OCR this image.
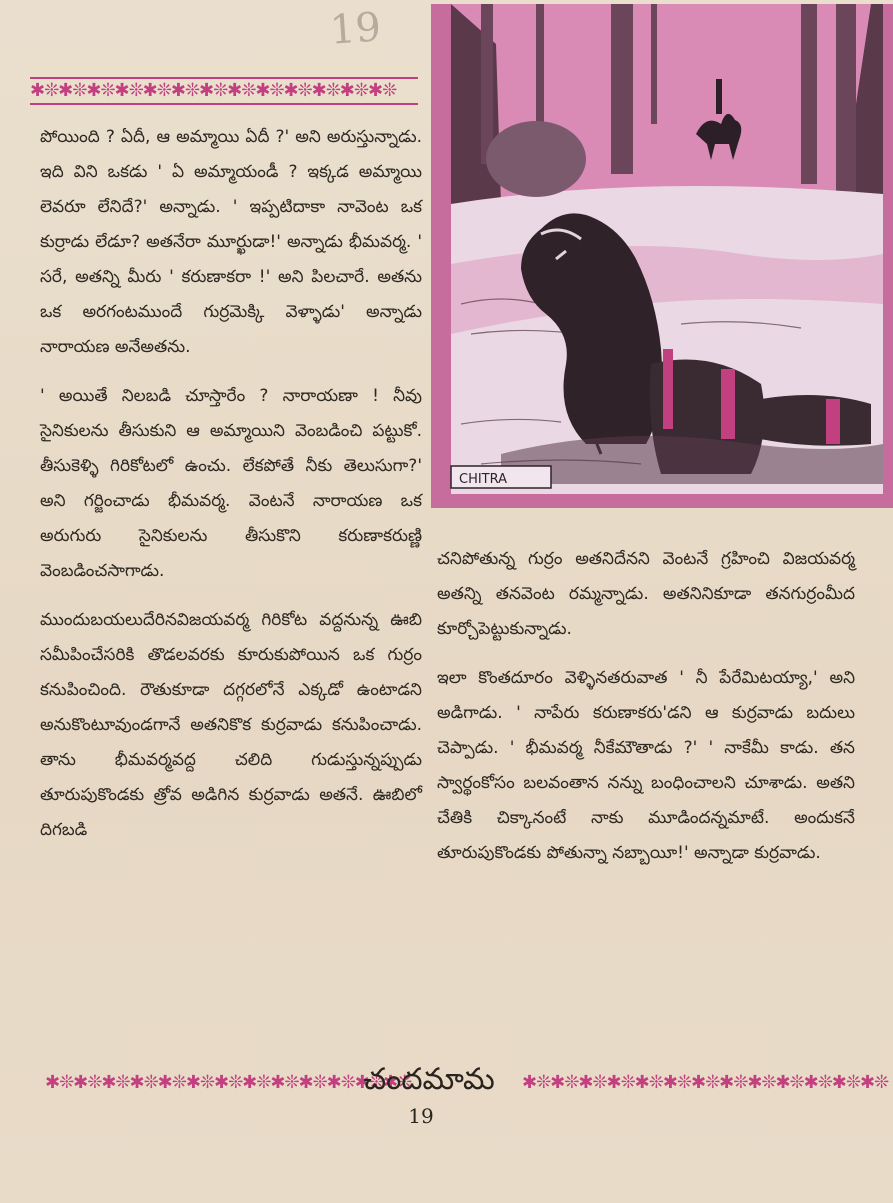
19
✱❊✱❊✱❊✱❊✱❊✱❊✱❊✱❊✱❊✱❊✱❊✱❊✱❊

పోయింది ? ఏదీ, ఆ అమ్మాయి ఏదీ ?' అని అరుస్తున్నాడు. ఇది విని ఒకడు ' ఏ అమ్మాయండీ ? ఇక్కడ అమ్మాయి లెవరూ లేనిదే?' అన్నాడు. ' ఇప్పటిదాకా నావెంట ఒక కుర్రాడు లేడూ? అతనేరా మూర్ఖుడా!' అన్నాడు భీమవర్మ. ' సరే, అతన్ని మీరు ' కరుణాకరా !' అని పిలచారే. అతను ఒక అరగంటముందే గుర్రమెక్కి వెళ్ళాడు' అన్నాడు నారాయణ అనేఅతను.

' అయితే నిలబడి చూస్తారేం ? నారాయణా ! నీవు సైనికులను తీసుకుని ఆ అమ్మాయిని వెంబడించి పట్టుకో. తీసుకెళ్ళి గిరికోటలో ఉంచు. లేకపోతే నీకు తెలుసుగా?' అని గర్జించాడు భీమవర్మ. వెంటనే నారాయణ ఒక అరుగురు సైనికులను తీసుకొని కరుణాకరుణ్ణి వెంబడించసాగాడు.

ముందుబయలుదేరినవిజయవర్మ గిరికోట వద్దనున్న ఊబి సమీపించేసరికి తొడలవరకు కూరుకుపోయిన ఒక గుర్రం కనుపించింది. రౌతుకూడా దగ్గరలోనే ఎక్కడో ఉంటాడని అనుకొంటూవుండగానే అతనికొక కుర్రవాడు కనుపించాడు. తాను భీమవర్మవద్ద చలిది గుడుస్తున్నప్పుడు తూరుపుకొండకు త్రోవ అడిగిన కుర్రవాడు అతనే. ఊబిలో దిగబడి

CHITRA

చనిపోతున్న గుర్రం అతనిదేనని వెంటనే గ్రహించి విజయవర్మ అతన్ని తనవెంట రమ్మన్నాడు. అతనినికూడా తనగుర్రంమీద కూర్చోపెట్టుకున్నాడు.

ఇలా కొంతదూరం వెళ్ళినతరువాత ' నీ పేరేమిటయ్యా,' అని అడిగాడు. ' నాపేరు కరుణాకరు'డని ఆ కుర్రవాడు బదులు చెప్పాడు. ' భీమవర్మ నీకేమౌతాడు ?' ' నాకేమీ కాడు. తన స్వార్థంకోసం బలవంతాన నన్ను బంధించాలని చూశాడు. అతని చేతికి చిక్కానంటే నాకు మూడిందన్నమాటే. అందుకనే తూరుపుకొండకు పోతున్నా నబ్బాయీ!' అన్నాడా కుర్రవాడు.

✱❊✱❊✱❊✱❊✱❊✱❊✱❊✱❊✱❊✱❊✱❊✱❊✱❊
చందమామ	✱❊✱❊✱❊✱❊✱❊✱❊✱❊✱❊✱❊✱❊✱❊✱❊✱❊
19
